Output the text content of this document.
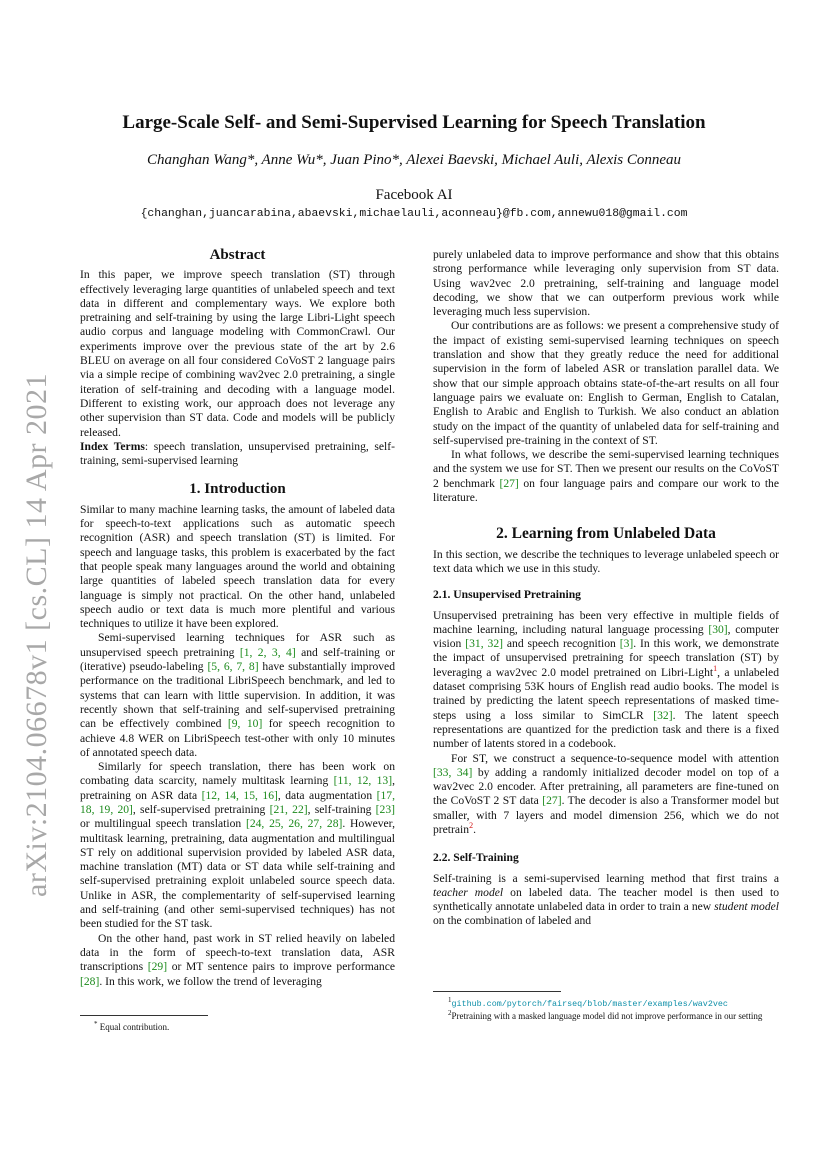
arXiv:2104.06678v1 [cs.CL] 14 Apr 2021
Large-Scale Self- and Semi-Supervised Learning for Speech Translation
Changhan Wang*, Anne Wu*, Juan Pino*, Alexei Baevski, Michael Auli, Alexis Conneau
Facebook AI
{changhan,juancarabina,abaevski,michaelauli,aconneau}@fb.com,annewu018@gmail.com
Abstract

In this paper, we improve speech translation (ST) through effectively leveraging large quantities of unlabeled speech and text data in different and complementary ways. We explore both pretraining and self-training by using the large Libri-Light speech audio corpus and language modeling with CommonCrawl. Our experiments improve over the previous state of the art by 2.6 BLEU on average on all four considered CoVoST 2 language pairs via a simple recipe of combining wav2vec 2.0 pretraining, a single iteration of self-training and decoding with a language model. Different to existing work, our approach does not leverage any other supervision than ST data. Code and models will be publicly released.

Index Terms: speech translation, unsupervised pretraining, self-training, semi-supervised learning

1. Introduction

Similar to many machine learning tasks, the amount of labeled data for speech-to-text applications such as automatic speech recognition (ASR) and speech translation (ST) is limited. For speech and language tasks, this problem is exacerbated by the fact that people speak many languages around the world and obtaining large quantities of labeled speech translation data for every language is simply not practical. On the other hand, unlabeled speech audio or text data is much more plentiful and various techniques to utilize it have been explored.

Semi-supervised learning techniques for ASR such as unsupervised speech pretraining [1, 2, 3, 4] and self-training or (iterative) pseudo-labeling [5, 6, 7, 8] have substantially improved performance on the traditional LibriSpeech benchmark, and led to systems that can learn with little supervision. In addition, it was recently shown that self-training and self-supervised pretraining can be effectively combined [9, 10] for speech recognition to achieve 4.8 WER on LibriSpeech test-other with only 10 minutes of annotated speech data.

Similarly for speech translation, there has been work on combating data scarcity, namely multitask learning [11, 12, 13], pretraining on ASR data [12, 14, 15, 16], data augmentation [17, 18, 19, 20], self-supervised pretraining [21, 22], self-training [23] or multilingual speech translation [24, 25, 26, 27, 28]. However, multitask learning, pretraining, data augmentation and multilingual ST rely on additional supervision provided by labeled ASR data, machine translation (MT) data or ST data while self-training and self-supervised pretraining exploit unlabeled source speech data. Unlike in ASR, the complementarity of self-supervised learning and self-training (and other semi-supervised techniques) has not been studied for the ST task.

On the other hand, past work in ST relied heavily on labeled data in the form of speech-to-text translation data, ASR transcriptions [29] or MT sentence pairs to improve performance [28]. In this work, we follow the trend of leveraging

* Equal contribution.

purely unlabeled data to improve performance and show that this obtains strong performance while leveraging only supervision from ST data. Using wav2vec 2.0 pretraining, self-training and language model decoding, we show that we can outperform previous work while leveraging much less supervision.

Our contributions are as follows: we present a comprehensive study of the impact of existing semi-supervised learning techniques on speech translation and show that they greatly reduce the need for additional supervision in the form of labeled ASR or translation parallel data. We show that our simple approach obtains state-of-the-art results on all four language pairs we evaluate on: English to German, English to Catalan, English to Arabic and English to Turkish. We also conduct an ablation study on the impact of the quantity of unlabeled data for self-training and self-supervised pre-training in the context of ST.

In what follows, we describe the semi-supervised learning techniques and the system we use for ST. Then we present our results on the CoVoST 2 benchmark [27] on four language pairs and compare our work to the literature.

2. Learning from Unlabeled Data

In this section, we describe the techniques to leverage unlabeled speech or text data which we use in this study.

2.1. Unsupervised Pretraining

Unsupervised pretraining has been very effective in multiple fields of machine learning, including natural language processing [30], computer vision [31, 32] and speech recognition [3]. In this work, we demonstrate the impact of unsupervised pretraining for speech translation (ST) by leveraging a wav2vec 2.0 model pretrained on Libri-Light$^1$, a unlabeled dataset comprising 53K hours of English read audio books. The model is trained by predicting the latent speech representations of masked time-steps using a loss similar to SimCLR [32]. The latent speech representations are quantized for the prediction task and there is a fixed number of latents stored in a codebook.

For ST, we construct a sequence-to-sequence model with attention [33, 34] by adding a randomly initialized decoder model on top of a wav2vec 2.0 encoder. After pretraining, all parameters are fine-tuned on the CoVoST 2 ST data [27]. The decoder is also a Transformer model but smaller, with 7 layers and model dimension 256, which we do not pretrain$^2$.

2.2. Self-Training

Self-training is a semi-supervised learning method that first trains a teacher model on labeled data. The teacher model is then used to synthetically annotate unlabeled data in order to train a new student model on the combination of labeled and

$^1$github.com/pytorch/fairseq/blob/master/examples/wav2vec
$^2$Pretraining with a masked language model did not improve performance in our setting
